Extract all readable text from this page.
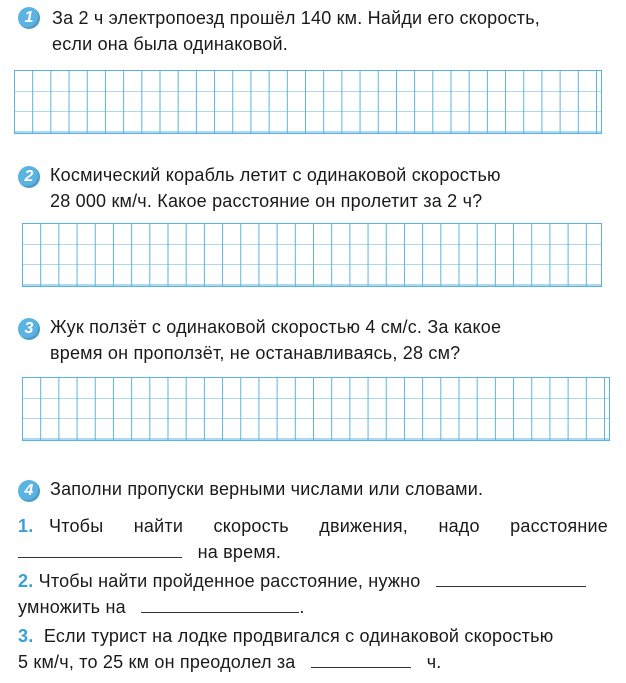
1	За 2 ч электропоезд прошёл 140 км. Найди его скорость,
если она была одинаковой.
2 Космический корабль летит с одинаковой скоростью
28 000 км/ч. Какое расстояние он пролетит за 2 ч?
3 Жук ползёт с одинаковой скоростью 4 см/с. За какое
время он проползёт, не останавливаясь, 28 см?
4 Заполни пропуски верными числами или словами.
1. Чтобы найти скорость движения, надо расстояние
на время.
2. Чтобы найти пройденное расстояние, нужно
умножить на	.
3. Если турист на лодке продвигался с одинаковой скоростью
5 км/ч, то 25 км он преодолел за	ч.
